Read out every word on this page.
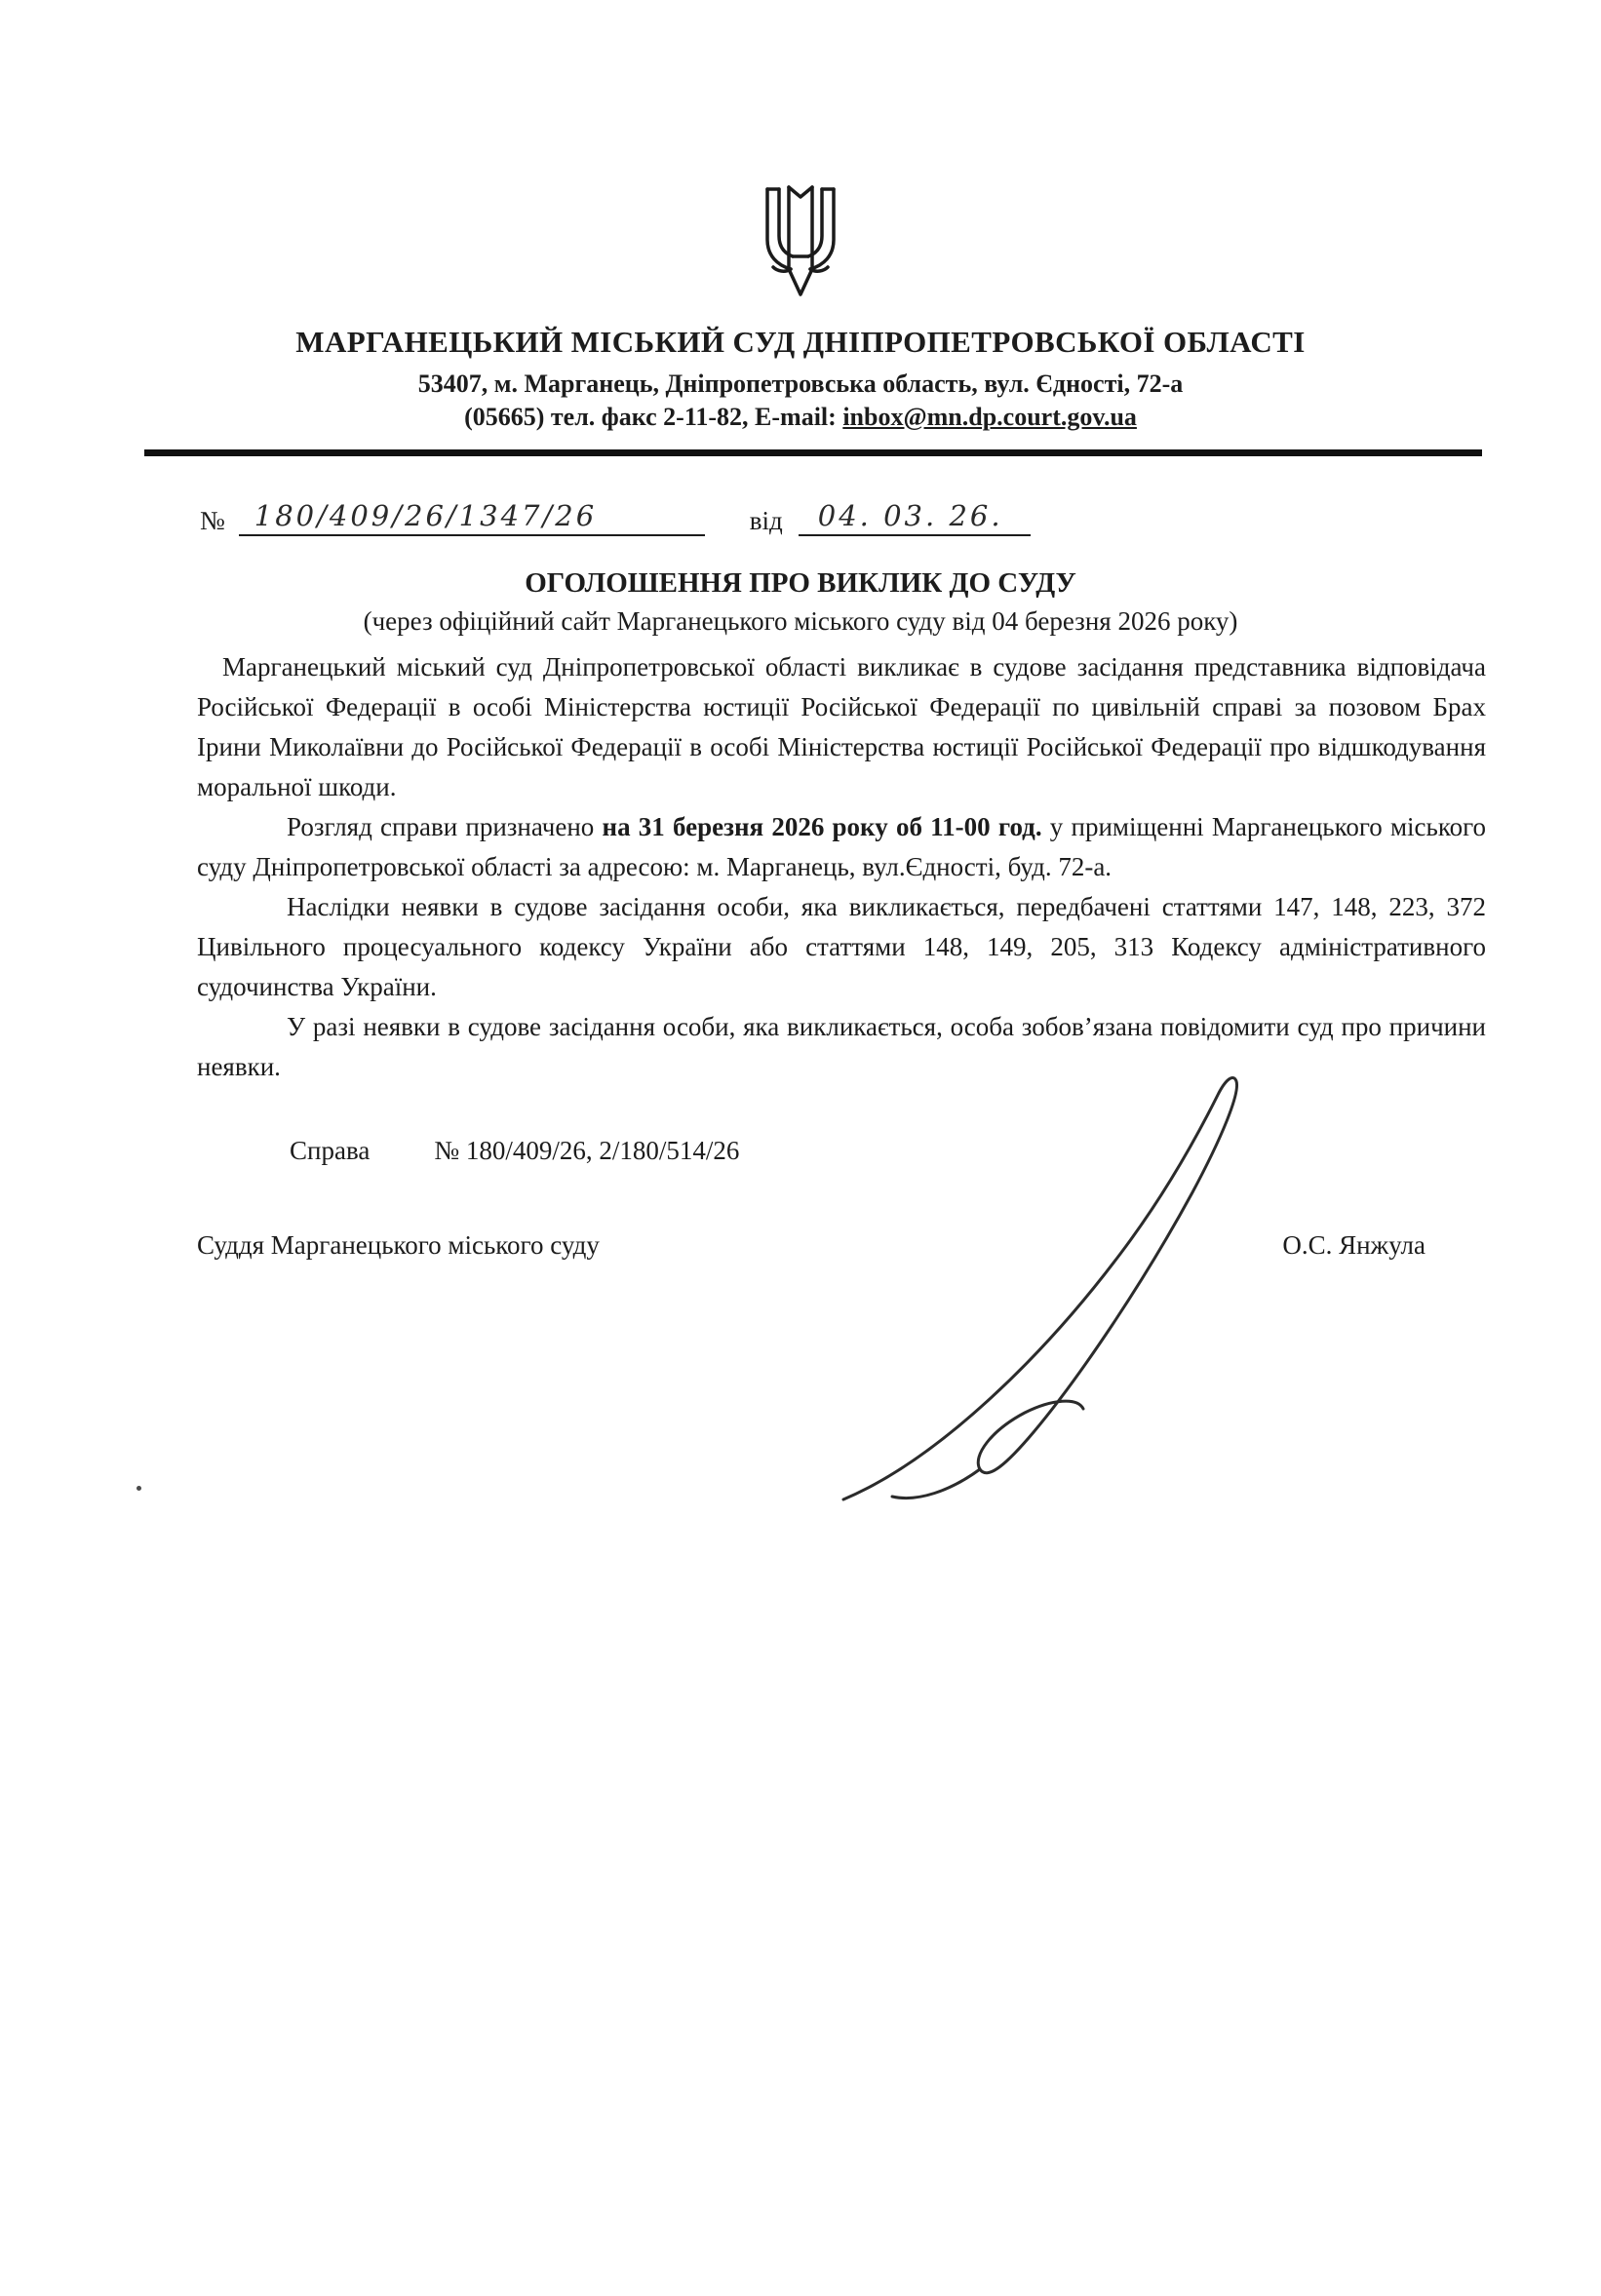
МАРГАНЕЦЬКИЙ МІСЬКИЙ СУД ДНІПРОПЕТРОВСЬКОЇ ОБЛАСТІ
53407, м. Марганець, Дніпропетровська область, вул. Єдності, 72-а
(05665) тел. факс 2-11-82, E-mail: inbox@mn.dp.court.gov.ua
№	180/409/26/1347/26	від	04. 03. 26.
ОГОЛОШЕННЯ ПРО ВИКЛИК ДО СУДУ
(через офіційний сайт Марганецького міського суду від 04 березня 2026 року)

Марганецький міський суд Дніпропетровської області викликає в судове засідання представника відповідача Російської Федерації в особі Міністерства юстиції Російської Федерації по цивільній справі за позовом Брах Ірини Миколаївни до Російської Федерації в особі Міністерства юстиції Російської Федерації про відшкодування моральної шкоди.

Розгляд справи призначено на 31 березня 2026 року об 11-00 год. у приміщенні Марганецького міського суду Дніпропетровської області за адресою: м. Марганець, вул.Єдності, буд. 72-а.

Наслідки неявки в судове засідання особи, яка викликається, передбачені статтями 147, 148, 223, 372 Цивільного процесуального кодексу України або статтями 148, 149, 205, 313 Кодексу адміністративного судочинства України.

У разі неявки в судове засідання особи, яка викликається, особа зобов’язана повідомити суд про причини неявки.

Справа № 180/409/26, 2/180/514/26
Суддя Марганецького міського суду	О.С. Янжула
